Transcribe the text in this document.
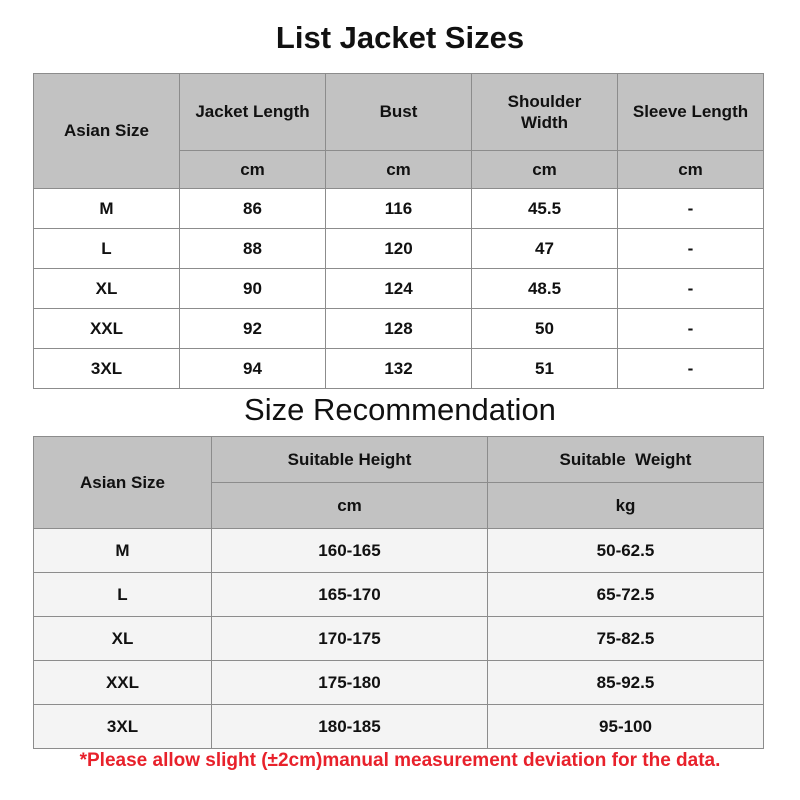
List Jacket Sizes
Asian Size	Jacket Length	Bust	Shoulder Width	Sleeve Length
	cm	cm	cm	cm
M	86	116	45.5	-
L	88	120	47	-
XL	90	124	48.5	-
XXL	92	128	50	-
3XL	94	132	51	-
Size Recommendation
Asian Size	Suitable Height	Suitable  Weight
	cm	kg
M	160-165	50-62.5
L	165-170	65-72.5
XL	170-175	75-82.5
XXL	175-180	85-92.5
3XL	180-185	95-100
*Please allow slight (±2cm)manual measurement deviation for the data.
